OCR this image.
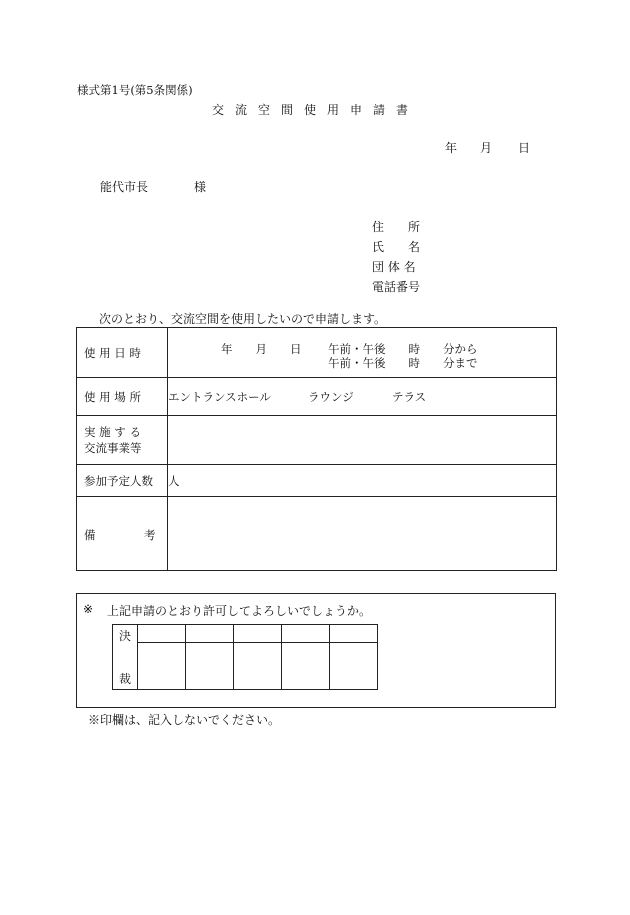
様式第1号(第5条関係)
交流空間使用申請書
年 月 日
能代市長	様
住　　所
氏　　名
団 体 名
電話番号
次のとおり、交流空間を使用したいので申請します。
使 用 日 時	年　　月　　日 午前・午後　　時　　分から
午前・午後　　時　　分まで

使 用 場 所	エントランスホール ラウンジ テラス

実 施 す る
交流事業等	

参加予定人数	人

備 考	

※ 上記申請のとおり許可してよろしいでしょうか。
決
裁					

※印欄は、記入しないでください。
